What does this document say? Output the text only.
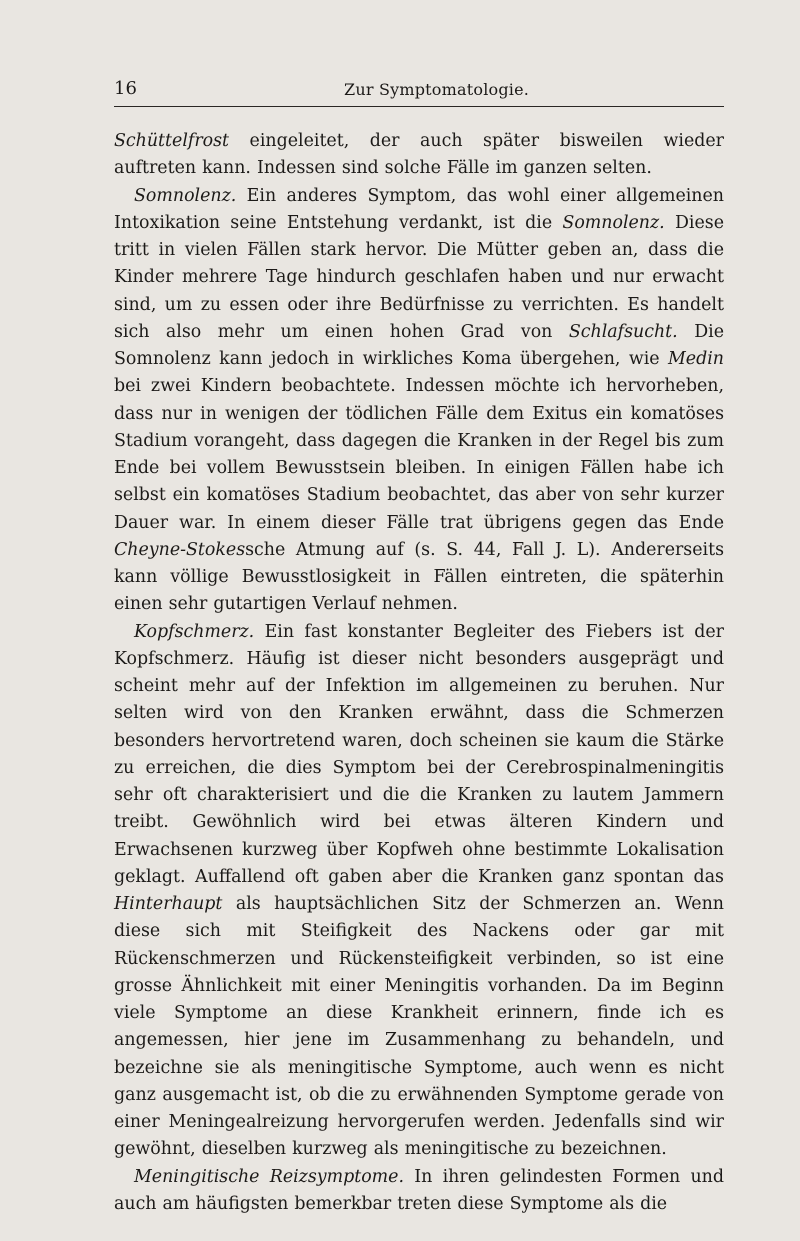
16	Zur Symptomatologie.

Schüttelfrost eingeleitet, der auch später bisweilen wieder auftreten kann. Indessen sind solche Fälle im ganzen selten.

Somnolenz. Ein anderes Symptom, das wohl einer allgemeinen Intoxikation seine Entstehung verdankt, ist die Somnolenz. Diese tritt in vielen Fällen stark hervor. Die Mütter geben an, dass die Kinder mehrere Tage hindurch geschlafen haben und nur erwacht sind, um zu essen oder ihre Bedürfnisse zu verrichten. Es handelt sich also mehr um einen hohen Grad von Schlafsucht. Die Somnolenz kann jedoch in wirkliches Koma übergehen, wie Medin bei zwei Kindern beobachtete. Indessen möchte ich hervorheben, dass nur in wenigen der tödlichen Fälle dem Exitus ein komatöses Stadium vorangeht, dass dagegen die Kranken in der Regel bis zum Ende bei vollem Bewusstsein bleiben. In einigen Fällen habe ich selbst ein komatöses Stadium beobachtet, das aber von sehr kurzer Dauer war. In einem dieser Fälle trat übrigens gegen das Ende Cheyne-Stokessche Atmung auf (s. S. 44, Fall J. L). Andererseits kann völlige Bewusstlosigkeit in Fällen eintreten, die späterhin einen sehr gutartigen Verlauf nehmen.

Kopfschmerz. Ein fast konstanter Begleiter des Fiebers ist der Kopfschmerz. Häufig ist dieser nicht besonders ausgeprägt und scheint mehr auf der Infektion im allgemeinen zu beruhen. Nur selten wird von den Kranken erwähnt, dass die Schmerzen besonders hervortretend waren, doch scheinen sie kaum die Stärke zu erreichen, die dies Symptom bei der Cerebrospinalmeningitis sehr oft charakterisiert und die die Kranken zu lautem Jammern treibt. Gewöhnlich wird bei etwas älteren Kindern und Erwachsenen kurzweg über Kopfweh ohne bestimmte Lokalisation geklagt. Auffallend oft gaben aber die Kranken ganz spontan das Hinterhaupt als hauptsächlichen Sitz der Schmerzen an. Wenn diese sich mit Steifigkeit des Nackens oder gar mit Rückenschmerzen und Rückensteifigkeit verbinden, so ist eine grosse Ähnlichkeit mit einer Meningitis vorhanden. Da im Beginn viele Symptome an diese Krankheit erinnern, finde ich es angemessen, hier jene im Zusammenhang zu behandeln, und bezeichne sie als meningitische Symptome, auch wenn es nicht ganz ausgemacht ist, ob die zu erwähnenden Symptome gerade von einer Meningealreizung hervorgerufen werden. Jedenfalls sind wir gewöhnt, dieselben kurzweg als meningitische zu bezeichnen.

Meningitische Reizsymptome. In ihren gelindesten Formen und auch am häufigsten bemerkbar treten diese Symptome als die
